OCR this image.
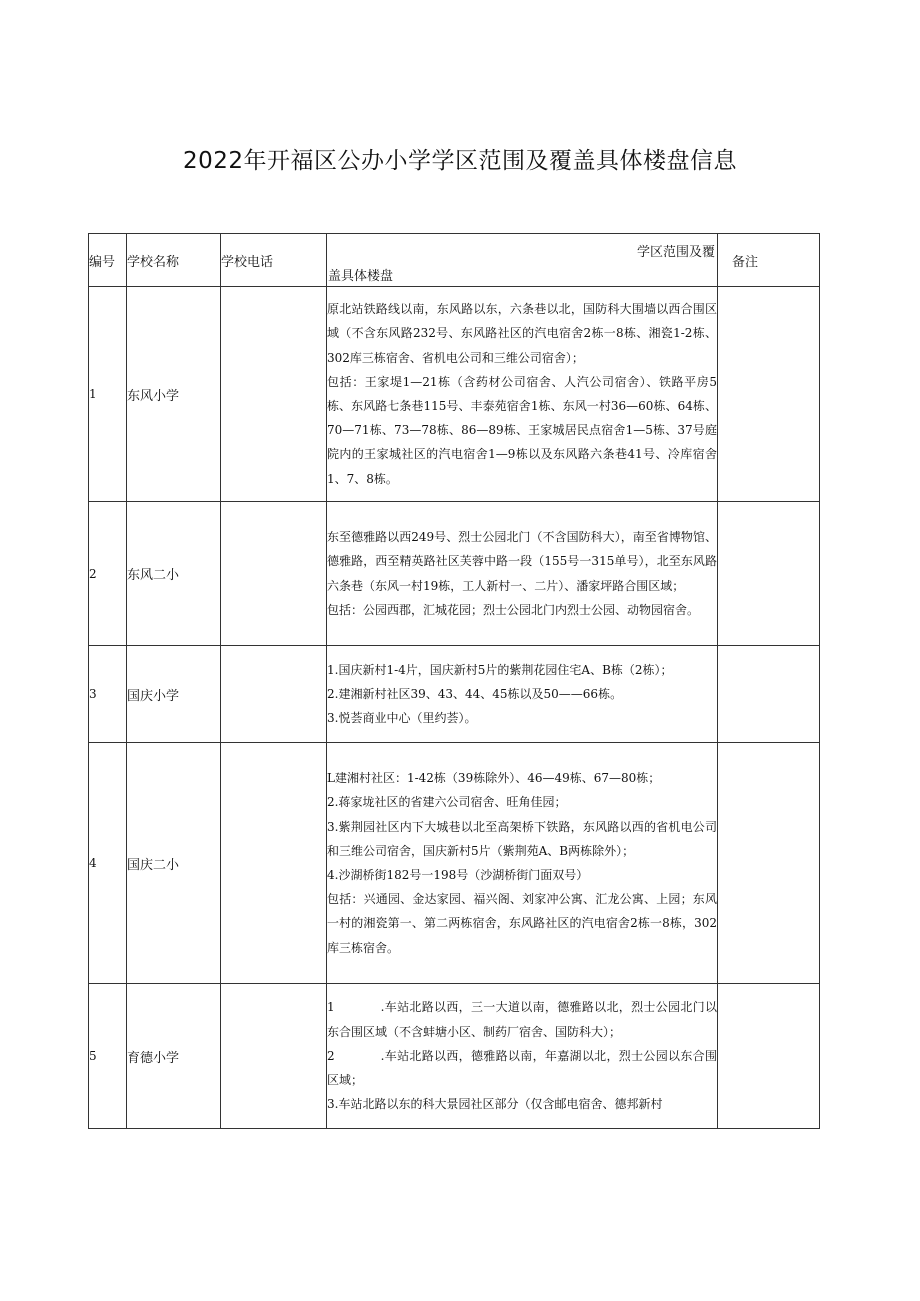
2022年开福区公办小学学区范围及覆盖具体楼盘信息
编号	学校名称	学校电话	学区范围及覆
盖具体楼盘	备注
1	东风小学		原北站铁路线以南，东风路以东，六条巷以北，国防科大围墙以西合围区域（不含东风路232号、东风路社区的汽电宿舍2栋一8栋、湘瓷1-2栋、302库三栋宿舍、省机电公司和三维公司宿舍）；

包括：王家堤1—21栋（含药材公司宿舍、人汽公司宿舍）、铁路平房5栋、东风路七条巷115号、丰泰苑宿舍1栋、东风一村36—60栋、64栋、70—71栋、73—78栋、86—89栋、王家城居民点宿舍1—5栋、37号庭院内的王家城社区的汽电宿舍1—9栋以及东风路六条巷41号、冷库宿舍1、7、8栋。	

2	东风二小		东至德雅路以西249号、烈士公园北门（不含国防科大），南至省博物馆、德雅路，西至精英路社区芙蓉中路一段（155号一315单号），北至东风路六条巷（东风一村19栋，工人新村一、二片）、潘家坪路合围区域；

包括：公园西郡，汇城花园；烈士公园北门内烈士公园、动物园宿舍。	

3	国庆小学		1.国庆新村1-4片，国庆新村5片的紫荆花园住宅A、B栋（2栋）；

2.建湘新村社区39、43、44、45栋以及50——66栋。

3.悦荟商业中心（里约荟）。	

4	国庆二小		L建湘村社区：1-42栋（39栋除外）、46—49栋、67—80栋；

2.蒋家垅社区的省建六公司宿舍、旺角佳园；

3.紫荆园社区内下大城巷以北至高架桥下铁路，东风路以西的省机电公司和三维公司宿舍，国庆新村5片（紫荆苑A、B两栋除外）；

4.沙湖桥街182号一198号（沙湖桥街门面双号）

包括：兴通园、金达家园、福兴阁、刘家冲公寓、汇龙公寓、上园；东风一村的湘瓷第一、第二两栋宿舍，东风路社区的汽电宿舍2栋一8栋，302库三栋宿舍。	

5	育德小学		1 .车站北路以西，三一大道以南，德雅路以北，烈士公园北门以东合围区域（不含蚌塘小区、制药厂宿舍、国防科大）；

2 .车站北路以西，德雅路以南，年嘉湖以北，烈士公园以东合围区域；

3.车站北路以东的科大景园社区部分（仅含邮电宿舍、德邦新村	
